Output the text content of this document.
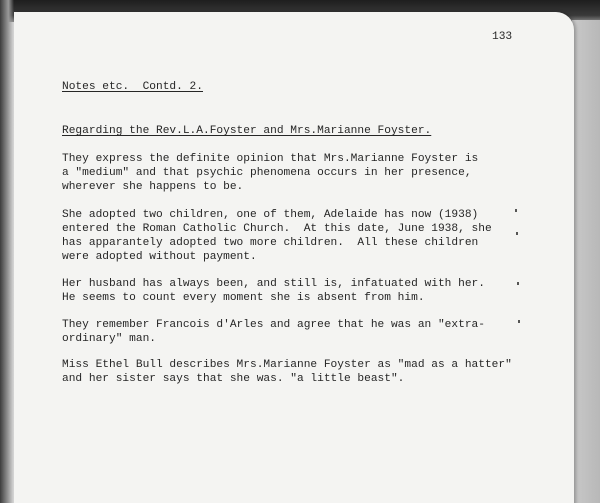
133

Notes etc.  Contd. 2.

Regarding the Rev.L.A.Foyster and Mrs.Marianne Foyster.

They express the definite opinion that Mrs.Marianne Foyster is

a "medium" and that psychic phenomena occurs in her presence,

wherever she happens to be.

She adopted two children, one of them, Adelaide has now (1938)

entered the Roman Catholic Church.  At this date, June 1938, she

has apparantely adopted two more children.  All these children

were adopted without payment.

Her husband has always been, and still is, infatuated with her.

He seems to count every moment she is absent from him.

They remember Francois d'Arles and agree that he was an "extra-

ordinary" man.

Miss Ethel Bull describes Mrs.Marianne Foyster as "mad as a hatter"

and her sister says that she was. "a little beast".
